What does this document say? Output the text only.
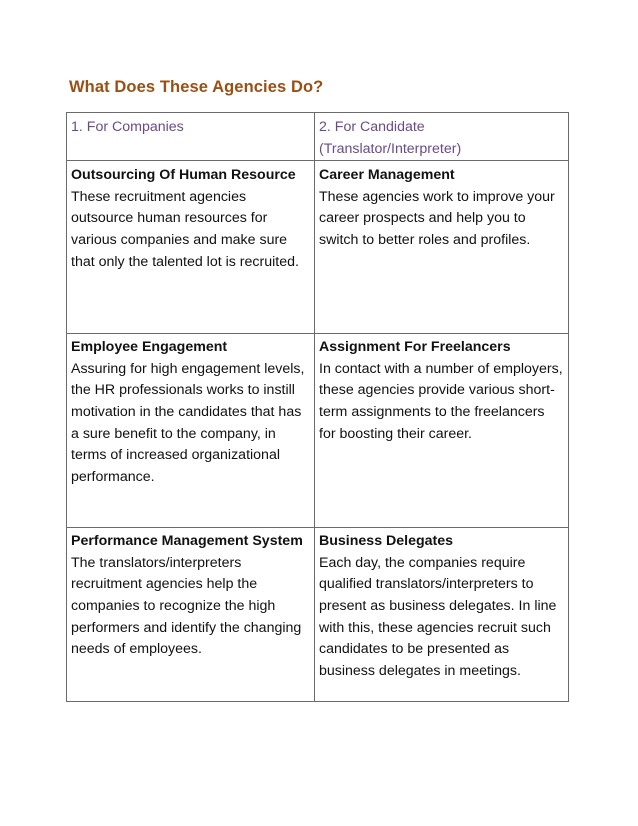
What Does These Agencies Do?
1. For Companies	2. For Candidate (Translator/Interpreter)

Outsourcing Of Human Resource
These recruitment agencies outsource human resources for various companies and make sure that only the talented lot is recruited.	Career Management
These agencies work to improve your career prospects and help you to switch to better roles and profiles.

Employee Engagement
Assuring for high engagement levels, the HR professionals works to instill motivation in the candidates that has a sure benefit to the company, in terms of increased organizational performance.	Assignment For Freelancers
In contact with a number of employers, these agencies provide various short-term assignments to the freelancers for boosting their career.

Performance Management System
The translators/interpreters recruitment agencies help the companies to recognize the high performers and identify the changing needs of employees.	Business Delegates
Each day, the companies require qualified translators/interpreters to present as business delegates. In line with this, these agencies recruit such candidates to be presented as business delegates in meetings.
